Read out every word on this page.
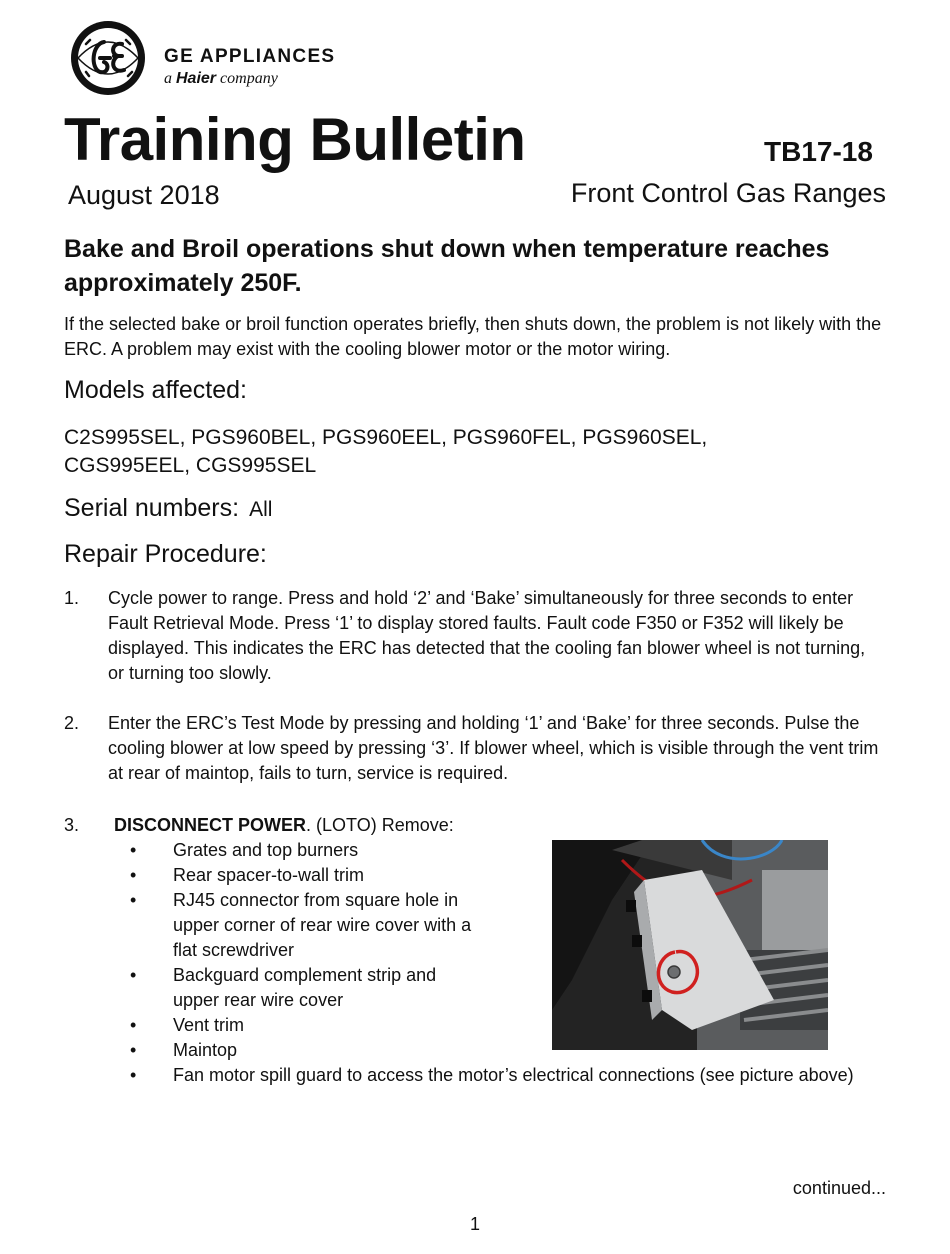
GE APPLIANCES
a Haier company
Training Bulletin	TB17-18
August 2018	Front Control Gas Ranges
Bake and Broil operations shut down when temperature reaches approximately 250F.
If the selected bake or broil function operates briefly, then shuts down, the problem is not likely with the ERC. A problem may exist with the cooling blower motor or the motor wiring.
Models affected:
C2S995SEL, PGS960BEL, PGS960EEL, PGS960FEL, PGS960SEL,
CGS995EEL, CGS995SEL
Serial numbers: All
Repair Procedure:
1. Cycle power to range. Press and hold ‘2’ and ‘Bake’ simultaneously for three seconds to enter Fault Retrieval Mode. Press ‘1’ to display stored faults. Fault code F350 or F352 will likely be displayed. This indicates the ERC has detected that the cooling fan blower wheel is not turning, or turning too slowly.
2. Enter the ERC’s Test Mode by pressing and holding ‘1’ and ‘Bake’ for three seconds. Pulse the cooling blower at low speed by pressing ‘3’. If blower wheel, which is visible through the vent trim at rear of maintop, fails to turn, service is required.
3. DISCONNECT POWER. (LOTO) Remove:
• Grates and top burners
• Rear spacer-to-wall trim
• RJ45 connector from square hole in upper corner of rear wire cover with a flat screwdriver
• Backguard complement strip and upper rear wire cover
• Vent trim
• Maintop
• Fan motor spill guard to access the motor’s electrical connections (see picture above)
continued...
1
